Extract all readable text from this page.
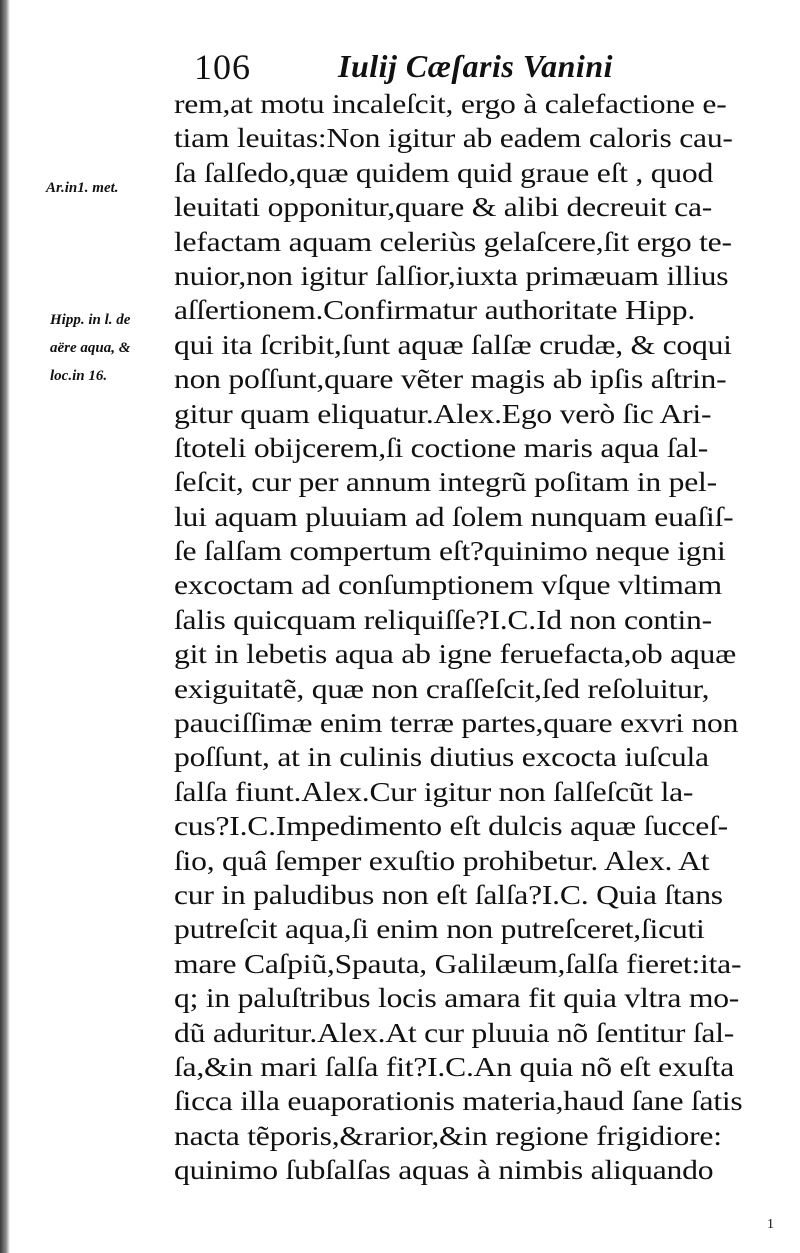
106	Iulij Cæſaris Vanini
Ar.in1. met.
Hipp. in l. de
aëre aqua, &
loc.in 16.
rem,at motu incaleſcit, ergo à calefactione e-
tiam leuitas:Non igitur ab eadem caloris cau-
ſa ſalſedo,quæ quidem quid graue eſt , quod
leuitati opponitur,quare & alibi decreuit ca-
lefactam aquam celeriùs gelaſcere,ſit ergo te-
nuior,non igitur ſalſior,iuxta primæuam illius
aſſertionem.Confirmatur authoritate Hipp.
qui ita ſcribit,ſunt aquæ ſalſæ crudæ, & coqui
non poſſunt,quare vẽter magis ab ipſis aſtrin-
gitur quam eliquatur.Alex.Ego verò ſic Ari-
ſtoteli obijcerem,ſi coctione maris aqua ſal-
ſeſcit, cur per annum integrũ poſitam in pel-
lui aquam pluuiam ad ſolem nunquam euaſiſ-
ſe ſalſam compertum eſt?quinimo neque igni
excoctam ad conſumptionem vſque vltimam
ſalis quicquam reliquiſſe?I.C.Id non contin-
git in lebetis aqua ab igne feruefacta,ob aquæ
exiguitatẽ, quæ non craſſeſcit,ſed reſoluitur,
pauciſſimæ enim terræ partes,quare exvri non
poſſunt, at in culinis diutius excocta iuſcula
ſalſa fiunt.Alex.Cur igitur non ſalſeſcũt la-
cus?I.C.Impedimento eſt dulcis aquæ ſucceſ-
ſio, quâ ſemper exuſtio prohibetur. Alex. At
cur in paludibus non eſt ſalſa?I.C. Quia ſtans
putreſcit aqua,ſi enim non putreſceret,ſicuti
mare Caſpiũ,Spauta, Galilæum,ſalſa fieret:ita-
q; in paluſtribus locis amara fit quia vltra mo-
dũ aduritur.Alex.At cur pluuia nõ ſentitur ſal-
ſa,&in mari ſalſa fit?I.C.An quia nõ eſt exuſta
ſicca illa euaporationis materia,haud ſane ſatis
nacta tẽporis,&rarior,&in regione frigidiore:
quinimo ſubſalſas aquas à nimbis aliquando
1
